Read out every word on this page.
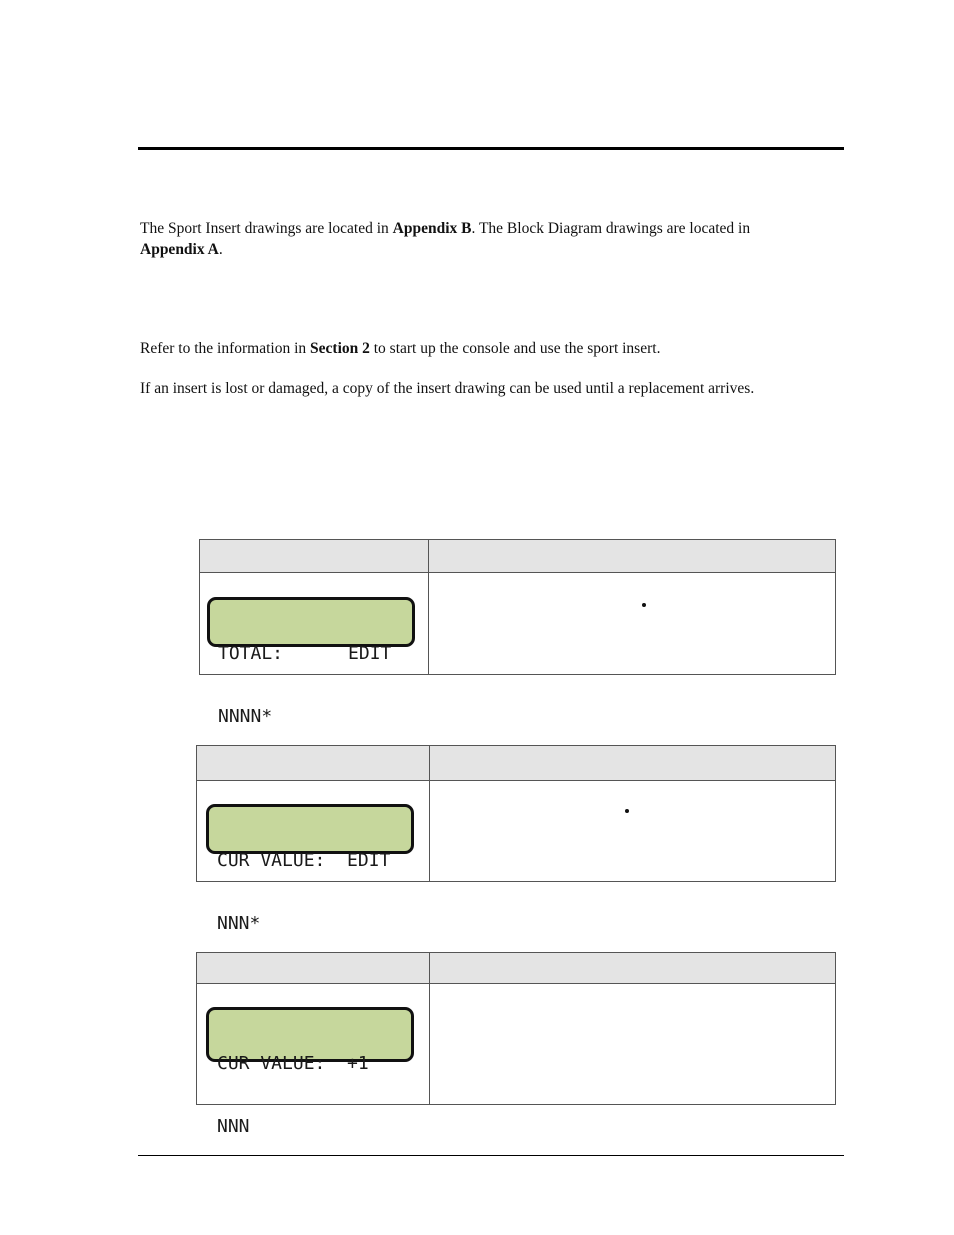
The Sport Insert drawings are located in Appendix B. The Block Diagram drawings are located in
Appendix A.

Refer to the information in Section 2 to start up the console and use the sport insert.

If an insert is lost or damaged, a copy of the insert drawing can be used until a replacement arrives.

TOTAL:      EDIT

NNNN*

CUR VALUE:  EDIT

NNN*

CUR VALUE:  +1

NNN
